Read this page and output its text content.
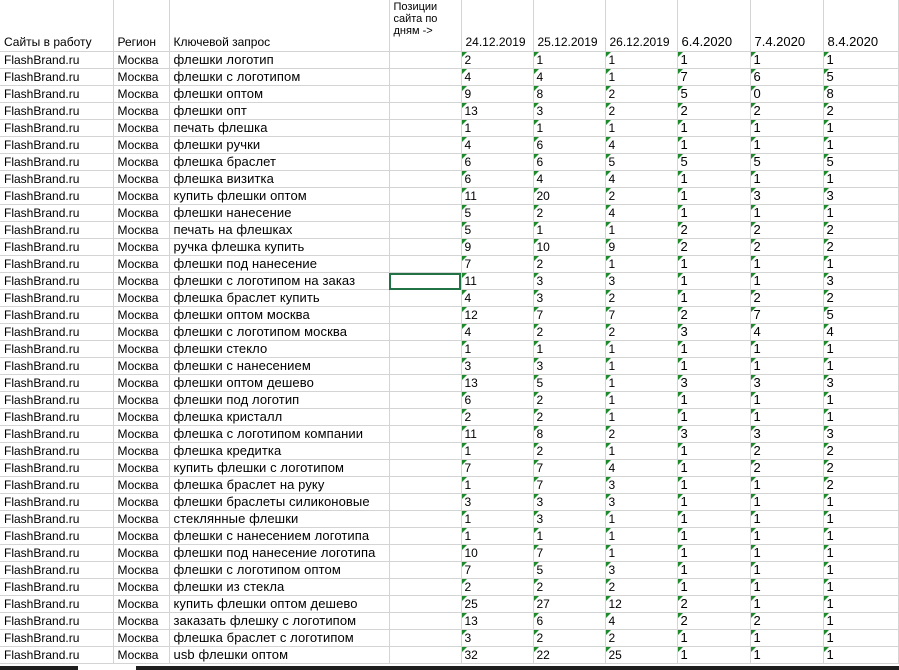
Сайты в работу	Регион	Ключевой запрос	Позиции сайта по дням ->	24.12.2019	25.12.2019	26.12.2019	6.4.2020	7.4.2020	8.4.2020
FlashBrand.ru	Москва	флешки логотип		2	1	1	1	1	1
FlashBrand.ru	Москва	флешки с логотипом		4	4	1	7	6	5
FlashBrand.ru	Москва	флешки оптом		9	8	2	5	0	8
FlashBrand.ru	Москва	флешки опт		13	3	2	2	2	2
FlashBrand.ru	Москва	печать флешка		1	1	1	1	1	1
FlashBrand.ru	Москва	флешки ручки		4	6	4	1	1	1
FlashBrand.ru	Москва	флешка браслет		6	6	5	5	5	5
FlashBrand.ru	Москва	флешка визитка		6	4	4	1	1	1
FlashBrand.ru	Москва	купить флешки оптом		11	20	2	1	3	3
FlashBrand.ru	Москва	флешки нанесение		5	2	4	1	1	1
FlashBrand.ru	Москва	печать на флешках		5	1	1	2	2	2
FlashBrand.ru	Москва	ручка флешка купить		9	10	9	2	2	2
FlashBrand.ru	Москва	флешки под нанесение		7	2	1	1	1	1
FlashBrand.ru	Москва	флешки с логотипом на заказ		11	3	3	1	1	3
FlashBrand.ru	Москва	флешка браслет купить		4	3	2	1	2	2
FlashBrand.ru	Москва	флешки оптом москва		12	7	7	2	7	5
FlashBrand.ru	Москва	флешки с логотипом москва		4	2	2	3	4	4
FlashBrand.ru	Москва	флешки стекло		1	1	1	1	1	1
FlashBrand.ru	Москва	флешки с нанесением		3	3	1	1	1	1
FlashBrand.ru	Москва	флешки оптом дешево		13	5	1	3	3	3
FlashBrand.ru	Москва	флешки под логотип		6	2	1	1	1	1
FlashBrand.ru	Москва	флешка кристалл		2	2	1	1	1	1
FlashBrand.ru	Москва	флешка с логотипом компании		11	8	2	3	3	3
FlashBrand.ru	Москва	флешка кредитка		1	2	1	1	2	2
FlashBrand.ru	Москва	купить флешки с логотипом		7	7	4	1	2	2
FlashBrand.ru	Москва	флешка браслет на руку		1	7	3	1	1	2
FlashBrand.ru	Москва	флешки браслеты силиконовые		3	3	3	1	1	1
FlashBrand.ru	Москва	стеклянные флешки		1	3	1	1	1	1
FlashBrand.ru	Москва	флешки с нанесением логотипа		1	1	1	1	1	1
FlashBrand.ru	Москва	флешки под нанесение логотипа		10	7	1	1	1	1
FlashBrand.ru	Москва	флешки с логотипом оптом		7	5	3	1	1	1
FlashBrand.ru	Москва	флешки из стекла		2	2	2	1	1	1
FlashBrand.ru	Москва	купить флешки оптом дешево		25	27	12	2	1	1
FlashBrand.ru	Москва	заказать флешку с логотипом		13	6	4	2	2	1
FlashBrand.ru	Москва	флешка браслет с логотипом		3	2	2	1	1	1
FlashBrand.ru	Москва	usb флешки оптом		32	22	25	1	1	1
